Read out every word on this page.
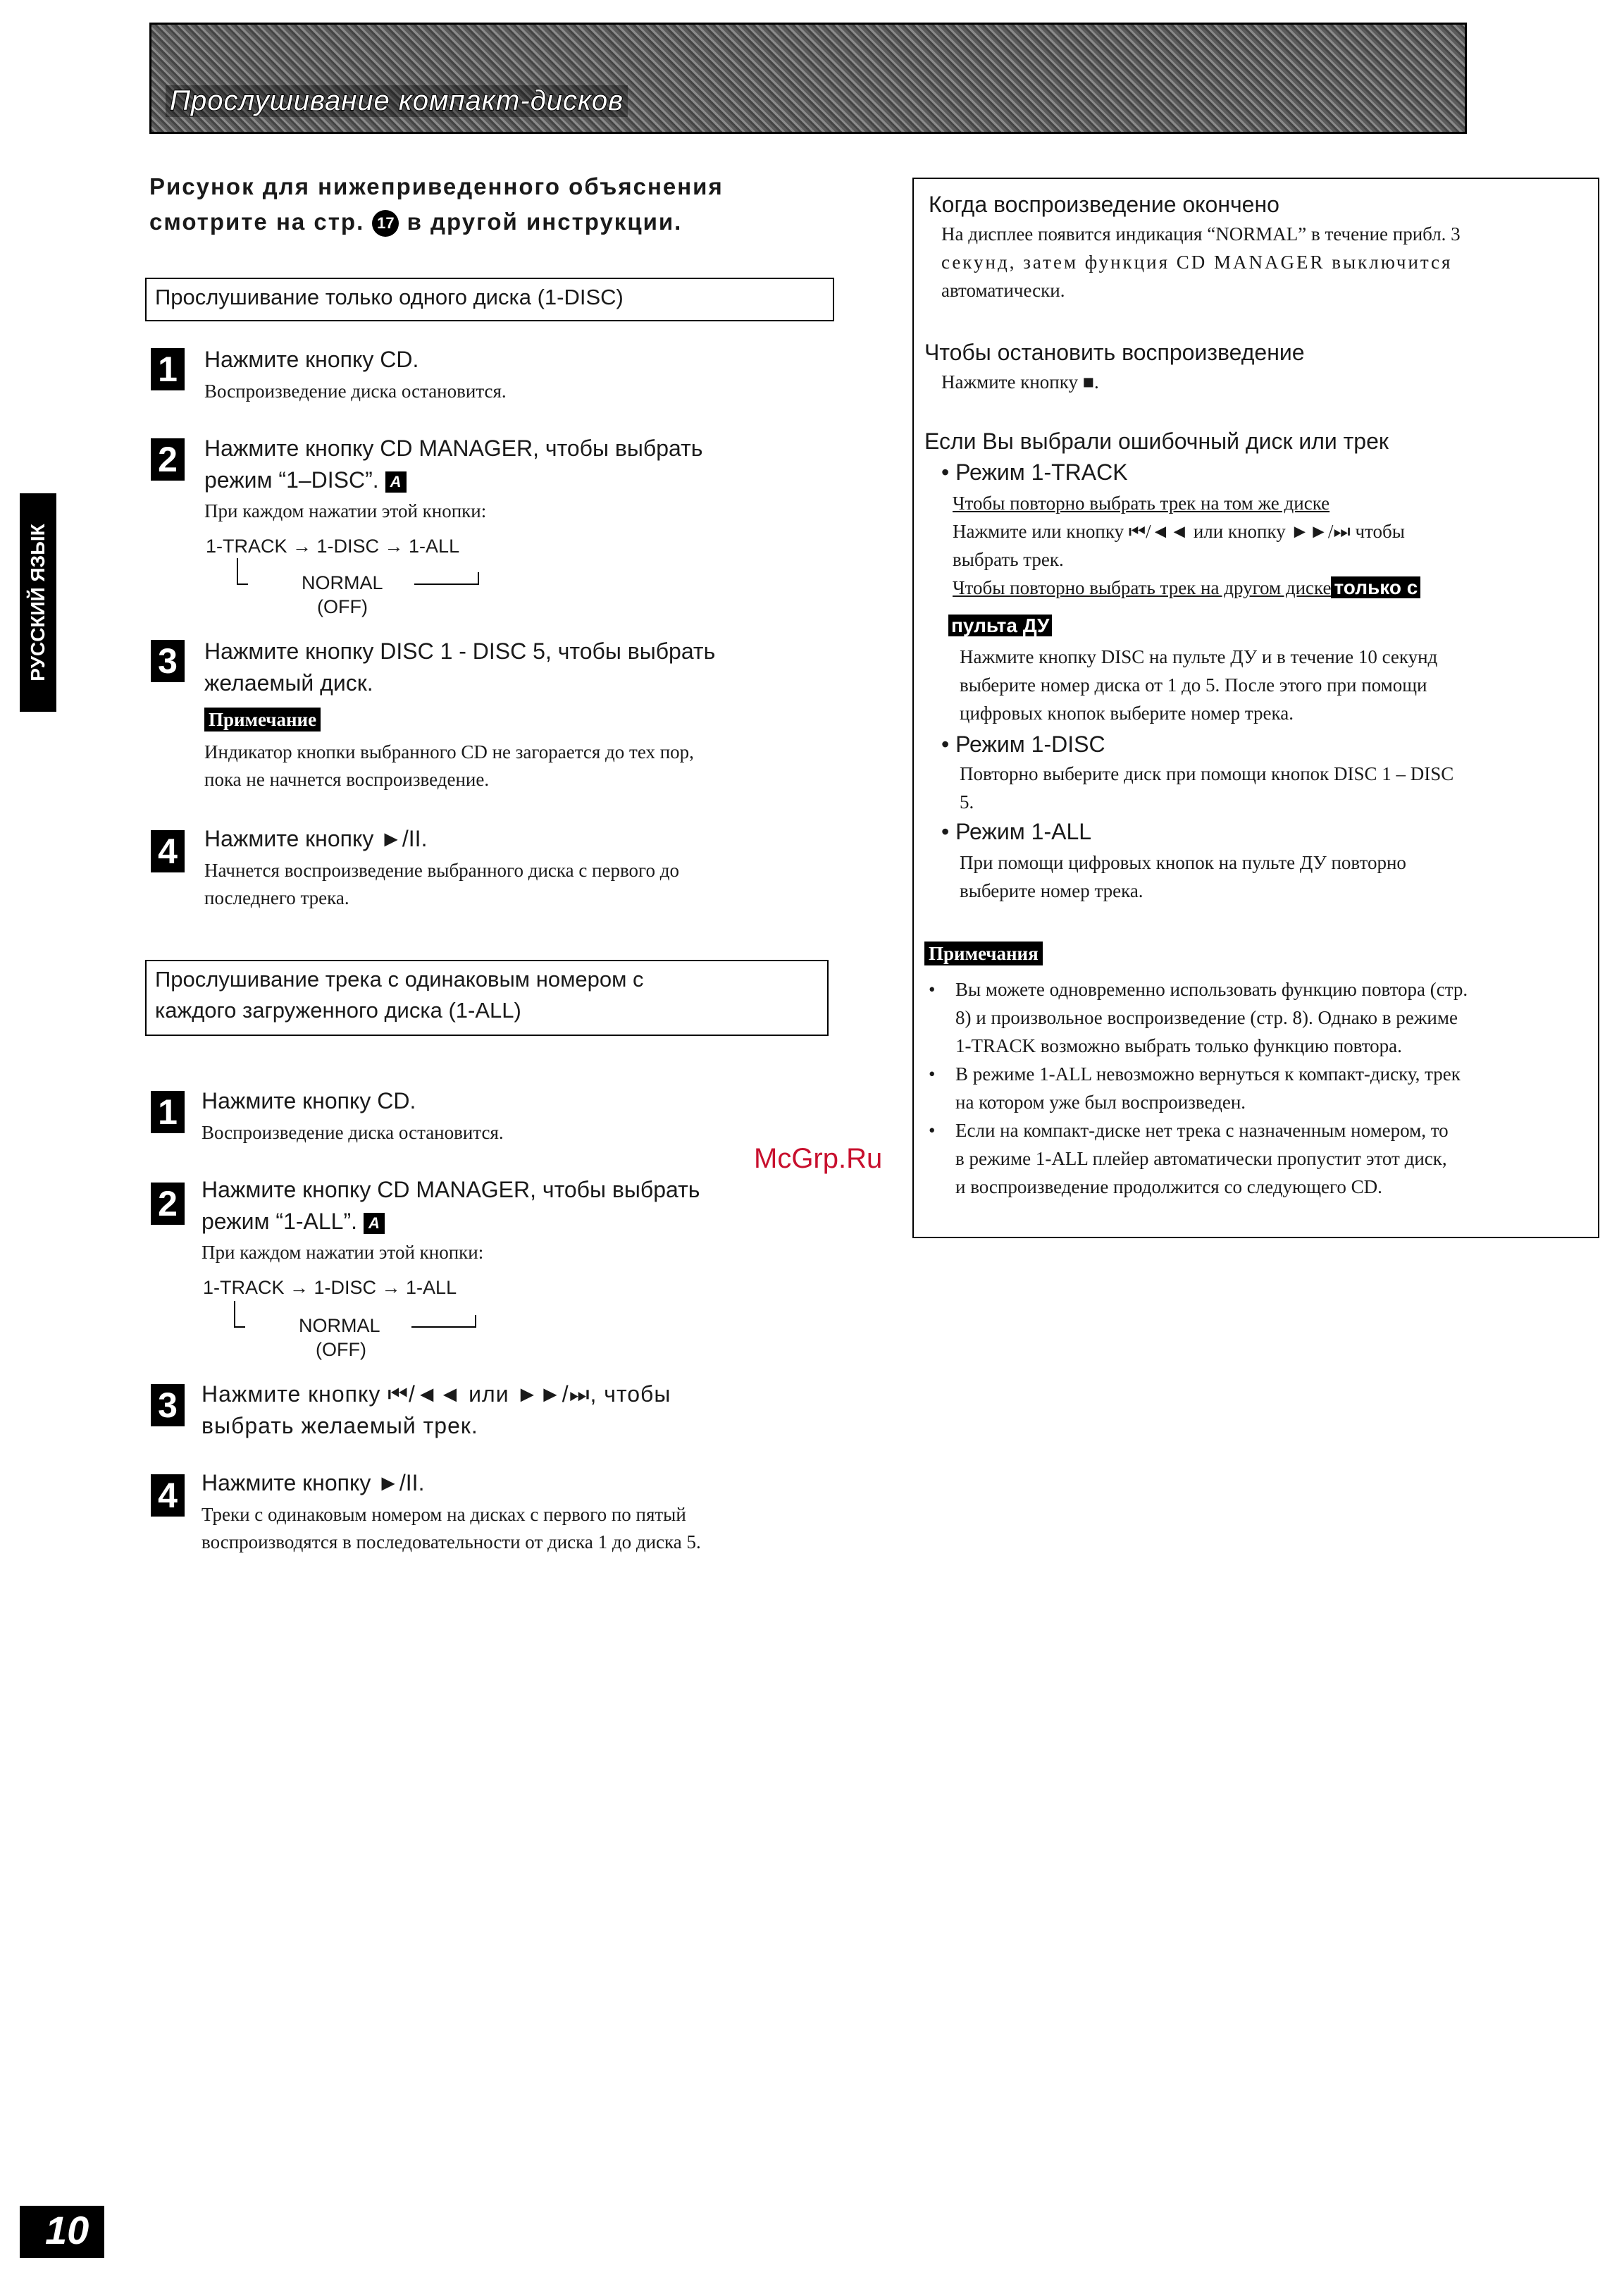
Прослушивание компакт-дисков
РУССКИЙ ЯЗЫК
Рисунок для нижеприведенного объяснения
смотрите на стр. 17 в другой инструкции.
Прослушивание только одного диска (1-DISC)
1	Нажмите кнопку CD.
Воспроизведение диска остановится.
2	Нажмите кнопку CD MANAGER, чтобы выбрать
режим “1–DISC”. A
При каждом нажатии этой кнопки:
1-TRACK → 1-DISC → 1-ALL
NORMAL
(OFF)
3	Нажмите кнопку DISC 1 - DISC 5, чтобы выбрать
желаемый диск.
Примечание
Индикатор кнопки выбранного CD не загорается до тех пор,
пока не начнется воспроизведение.
4	Нажмите кнопку ►/II.
Начнется воспроизведение выбранного диска с первого до
последнего трека.
Прослушивание трека с одинаковым номером с
каждого загруженного диска (1-ALL)
1	Нажмите кнопку CD.
Воспроизведение диска остановится.
2	Нажмите кнопку CD MANAGER, чтобы выбрать
режим “1-ALL”. A
При каждом нажатии этой кнопки:
1-TRACK → 1-DISC → 1-ALL
NORMAL
(OFF)
3	Нажмите кнопку ⏮/◄◄ или ►►/⏭, чтобы
выбрать желаемый трек.
4	Нажмите кнопку ►/II.
Треки с одинаковым номером на дисках с первого по пятый
воспроизводятся в последовательности от диска 1 до диска 5.
Когда воспроизведение окончено
На дисплее появится индикация “NORMAL” в течение прибл. 3
секунд, затем функция CD MANAGER выключится
автоматически.
Чтобы остановить воспроизведение
Нажмите кнопку ■.
Если Вы выбрали ошибочный диск или трек
• Режим 1-TRACK
Чтобы повторно выбрать трек на том же диске
Нажмите или кнопку ⏮/◄◄ или кнопку ►►/⏭ чтобы
выбрать трек.
Чтобы повторно выбрать трек на другом диске только с
пульта ДУ
Нажмите кнопку DISC на пульте ДУ и в течение 10 секунд
выберите номер диска от 1 до 5. После этого при помощи
цифровых кнопок выберите номер трека.
• Режим 1-DISC
Повторно выберите диск при помощи кнопок DISC 1 – DISC
5.
• Режим 1-ALL
При помощи цифровых кнопок на пульте ДУ повторно
выберите номер трека.
Примечания
•	Вы можете одновременно использовать функцию повтора (стр.
8) и произвольное воспроизведение (стр. 8). Однако в режиме
1-TRACK возможно выбрать только функцию повтора.
•	В режиме 1-ALL невозможно вернуться к компакт-диску, трек
на котором уже был воспроизведен.
•	Если на компакт-диске нет трека с назначенным номером, то
в режиме 1-ALL плейер автоматически пропустит этот диск,
и воспроизведение продолжится со следующего CD.
McGrp.Ru
10
